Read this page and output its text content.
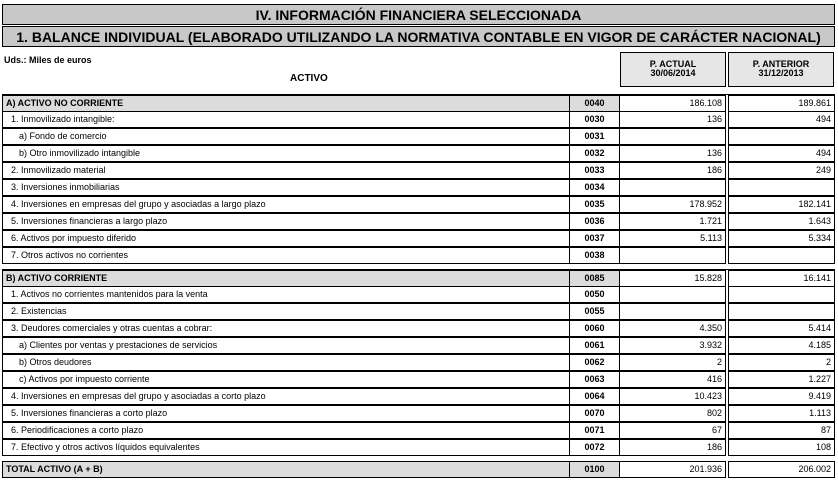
IV. INFORMACIÓN FINANCIERA SELECCIONADA
1. BALANCE INDIVIDUAL (ELABORADO UTILIZANDO LA NORMATIVA CONTABLE EN VIGOR DE CARÁCTER NACIONAL)
Uds.: Miles de euros
ACTIVO
P. ACTUAL
30/06/2014
P. ANTERIOR
31/12/2013
A) ACTIVO NO CORRIENTE	0040	186.108	189.861
1. Inmovilizado intangible:	0030	136	494
a) Fondo de comercio	0031
b) Otro inmovilizado intangible	0032	136	494
2. Inmovilizado material	0033	186	249
3. Inversiones inmobiliarias	0034
4. Inversiones en empresas del grupo y asociadas a largo plazo	0035	178.952	182.141
5. Inversiones financieras a largo plazo	0036	1.721	1.643
6. Activos por impuesto diferido	0037	5.113	5.334
7. Otros activos no corrientes	0038
B) ACTIVO CORRIENTE	0085	15.828	16.141
1. Activos no corrientes mantenidos para la venta	0050
2. Existencias	0055
3. Deudores comerciales y otras cuentas a cobrar:	0060	4.350	5.414
a) Clientes por ventas y prestaciones de servicios	0061	3.932	4.185
b) Otros deudores	0062	2	2
c) Activos por impuesto corriente	0063	416	1.227
4. Inversiones en empresas del grupo y asociadas a corto plazo	0064	10.423	9.419
5. Inversiones financieras a corto plazo	0070	802	1.113
6. Periodificaciones a corto plazo	0071	67	87
7. Efectivo y otros activos líquidos equivalentes	0072	186	108
TOTAL ACTIVO (A + B)	0100	201.936	206.002
